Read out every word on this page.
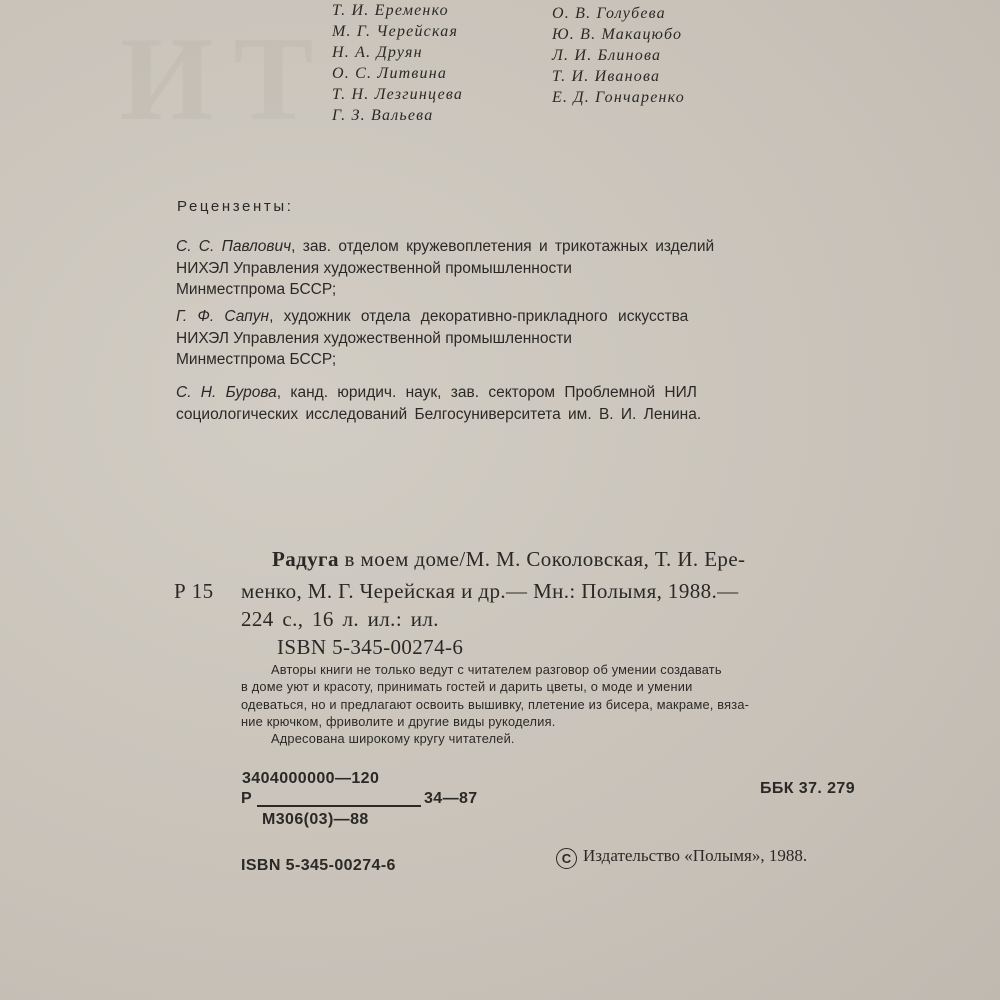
ИТ
Т. И. Еременко
М. Г. Черейская
Н. А. Друян
О. С. Литвина
Т. Н. Лезгинцева
Г. З. Вальева
О. В. Голубева
Ю. В. Макацюбо
Л. И. Блинова
Т. И. Иванова
Е. Д. Гончаренко
Рецензенты:
С. С. Павлович, зав. отделом кружевоплетения и трикотажных изделий
НИХЭЛ Управления художественной промышленности
Минместпрома БССР;
Г. Ф. Сапун, художник отдела декоративно-прикладного искусства
НИХЭЛ Управления художественной промышленности
Минместпрома БССР;
С. Н. Бурова, канд. юридич. наук, зав. сектором Проблемной НИЛ
социологических исследований Белгосуниверситета им. В. И. Ленина.
Радуга в моем доме/М. М. Соколовская, Т. И. Ере-
Р 15 менко, М. Г. Черейская и др.— Мн.: Полымя, 1988.—
224 с., 16 л. ил.: ил.
ISBN 5-345-00274-6
Авторы книги не только ведут с читателем разговор об умении создавать
в доме уют и красоту, принимать гостей и дарить цветы, о моде и умении
одеваться, но и предлагают освоить вышивку, плетение из бисера, макраме, вяза-
ние крючком, фриволите и другие виды рукоделия.
Адресована широкому кругу читателей.
3404000000—120
Р	34—87
М306(03)—88
ББК 37. 279
ISBN 5-345-00274-6	С Издательство «Полымя», 1988.
